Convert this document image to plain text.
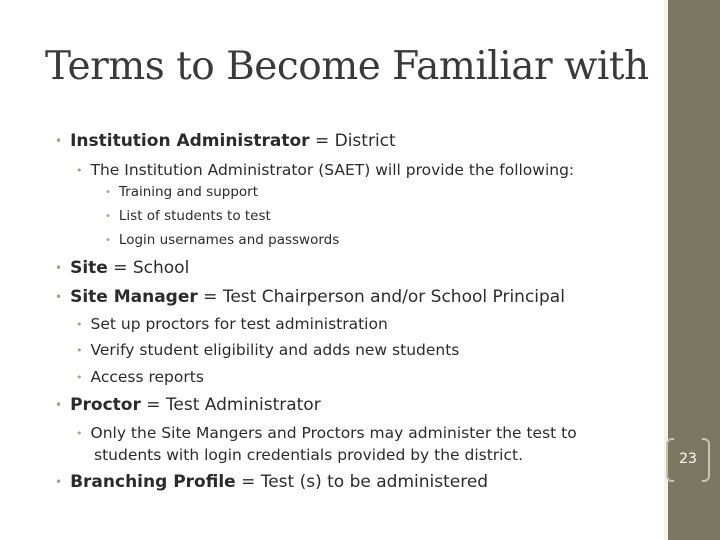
Terms to Become Familiar with
• Institution Administrator = District
• The Institution Administrator (SAET) will provide the following:
• Training and support
• List of students to test
• Login usernames and passwords
• Site = School
• Site Manager = Test Chairperson and/or School Principal
• Set up proctors for test administration
• Verify student eligibility and adds new students
• Access reports
• Proctor = Test Administrator
• Only the Site Mangers and Proctors may administer the test to
students with login credentials provided by the district.
• Branching Profile = Test (s) to be administered
23
